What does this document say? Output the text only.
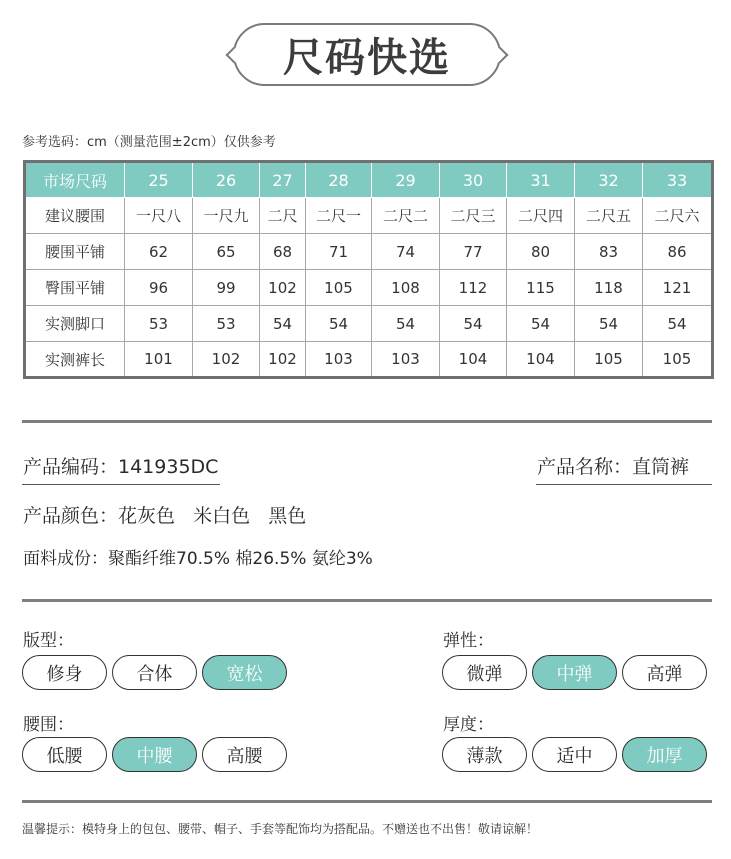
尺码快选
参考选码：cm（测量范围±2cm）仅供参考
市场尺码	25	26	27	28	29	30	31	32	33
建议腰围	一尺八	一尺九	二尺	二尺一	二尺二	二尺三	二尺四	二尺五	二尺六
腰围平铺	62	65	68	71	74	77	80	83	86
臀围平铺	96	99	102	105	108	112	115	118	121
实测脚口	53	53	54	54	54	54	54	54	54
实测裤长	101	102	102	103	103	104	104	105	105
产品编码：141935DC	产品名称：直筒裤
产品颜色：花灰色   米白色   黑色
面料成份：聚酯纤维70.5% 棉26.5% 氨纶3%
版型：	弹性：
腰围：	厚度：
修身	合体	宽松	微弹	中弹	高弹
低腰	中腰	高腰	薄款	适中	加厚
温馨提示：模特身上的包包、腰带、帽子、手套等配饰均为搭配品。不赠送也不出售！敬请谅解！
